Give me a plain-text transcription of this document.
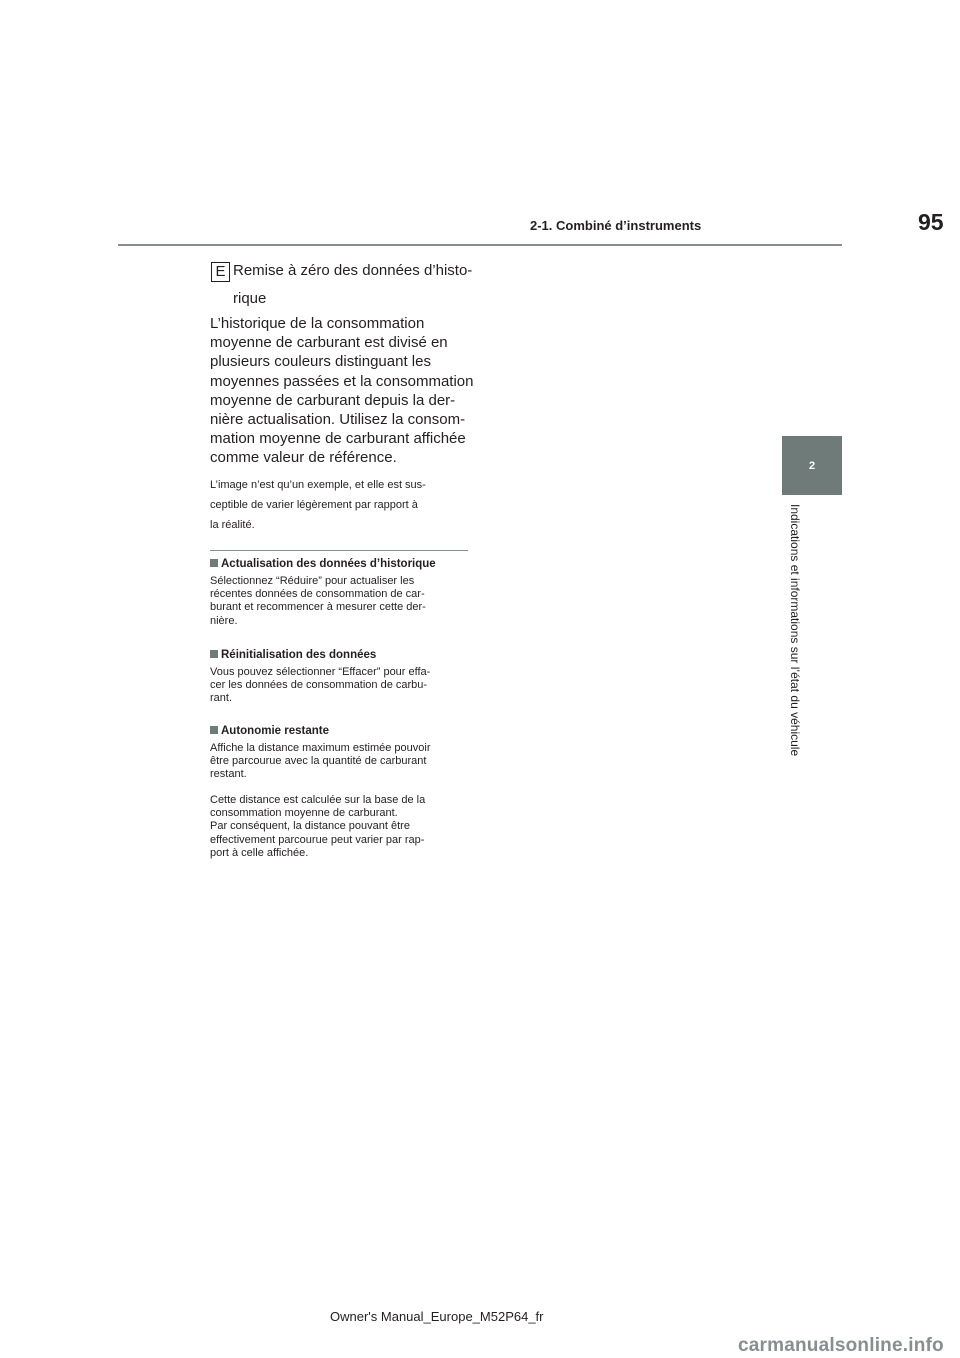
95
2-1. Combiné d’instruments
2
Indications et informations sur l’état du véhicule
E Remise à zéro des données d’histo-
rique
L’historique de la consommation
moyenne de carburant est divisé en
plusieurs couleurs distinguant les
moyennes passées et la consommation
moyenne de carburant depuis la der-
nière actualisation. Utilisez la consom-
mation moyenne de carburant affichée
comme valeur de référence.
L’image n’est qu’un exemple, et elle est sus-
ceptible de varier légèrement par rapport à
la réalité.
Actualisation des données d’historique
Sélectionnez “Réduire” pour actualiser les
récentes données de consommation de car-
burant et recommencer à mesurer cette der-
nière.
Réinitialisation des données
Vous pouvez sélectionner “Effacer” pour effa-
cer les données de consommation de carbu-
rant.
Autonomie restante
Affiche la distance maximum estimée pouvoir
être parcourue avec la quantité de carburant
restant.
Cette distance est calculée sur la base de la
consommation moyenne de carburant.
Par conséquent, la distance pouvant être
effectivement parcourue peut varier par rap-
port à celle affichée.
Owner's Manual_Europe_M52P64_fr
carmanualsonline.info
